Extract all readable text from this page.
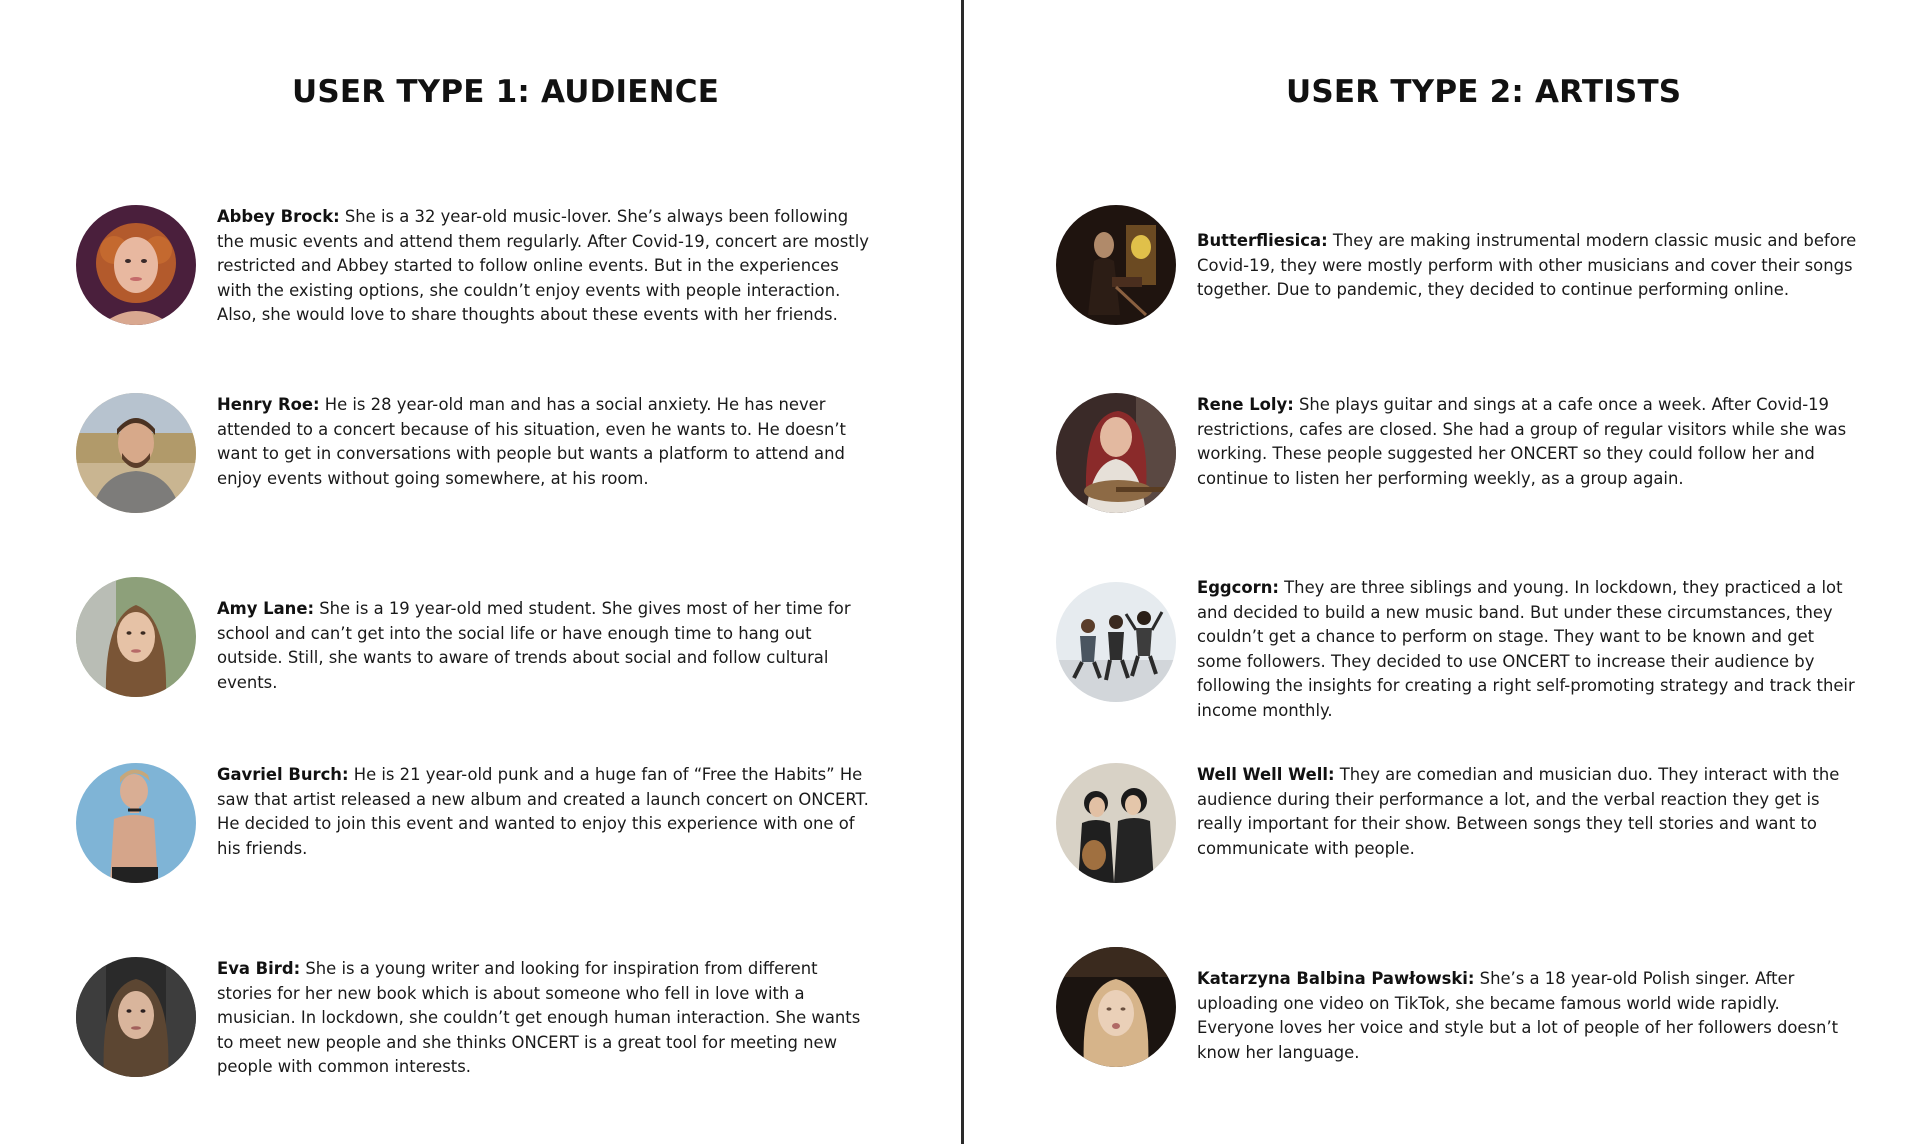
USER TYPE 1: AUDIENCE
Abbey Brock: She is a 32 year-old music-lover. She’s always been following the music events and attend them regularly. After Covid-19, concert are mostly restricted and Abbey started to follow online events. But in the experiences with the existing options, she couldn’t enjoy events with people interaction. Also, she would love to share thoughts about these events with her friends.
Henry Roe: He is 28 year-old man and has a social anxiety. He has never attended to a concert because of his situation, even he wants to. He doesn’t want to get in conversations with people but wants a platform to attend and enjoy events without going somewhere, at his room.
Amy Lane: She is a 19 year-old med student. She gives most of her time for school and can’t get into the social life or have enough time to hang out outside. Still, she wants to aware of trends about social and follow cultural events.
Gavriel Burch: He is 21 year-old punk and a huge fan of “Free the Habits” He saw that artist released a new album and created a launch concert on ONCERT. He decided to join this event and wanted to enjoy this experience with one of his friends.
Eva Bird: She is a young writer and looking for inspiration from different stories for her new book which is about someone who fell in love with a musician. In lockdown, she couldn’t get enough human interaction. She wants to meet new people and she thinks ONCERT is a great tool for meeting new people with common interests.
USER TYPE 2: ARTISTS
Butterfliesica: They are making instrumental modern classic music and before Covid-19, they were mostly perform with other musicians and cover their songs together. Due to pandemic, they decided to continue performing online.
Rene Loly: She plays guitar and sings at a cafe once a week. After Covid-19 restrictions, cafes are closed. She had a group of regular visitors while she was working. These people suggested her ONCERT so they could follow her and continue to listen her performing weekly, as a group again.
Eggcorn: They are three siblings and young. In lockdown, they practiced a lot and decided to build a new music band. But under these circumstances, they couldn’t get a chance to perform on stage. They want to be known and get some followers. They decided to use ONCERT to increase their audience by following the insights for creating a right self-promoting strategy and track their income monthly.
Well Well Well: They are comedian and musician duo. They interact with the audience during their performance a lot, and the verbal reaction they get is really important for their show. Between songs they tell stories and want to communicate with people.
Katarzyna Balbina Pawłowski: She’s a 18 year-old Polish singer. After uploading one video on TikTok, she became famous world wide rapidly. Everyone loves her voice and style but a lot of people of her followers doesn’t know her language.
